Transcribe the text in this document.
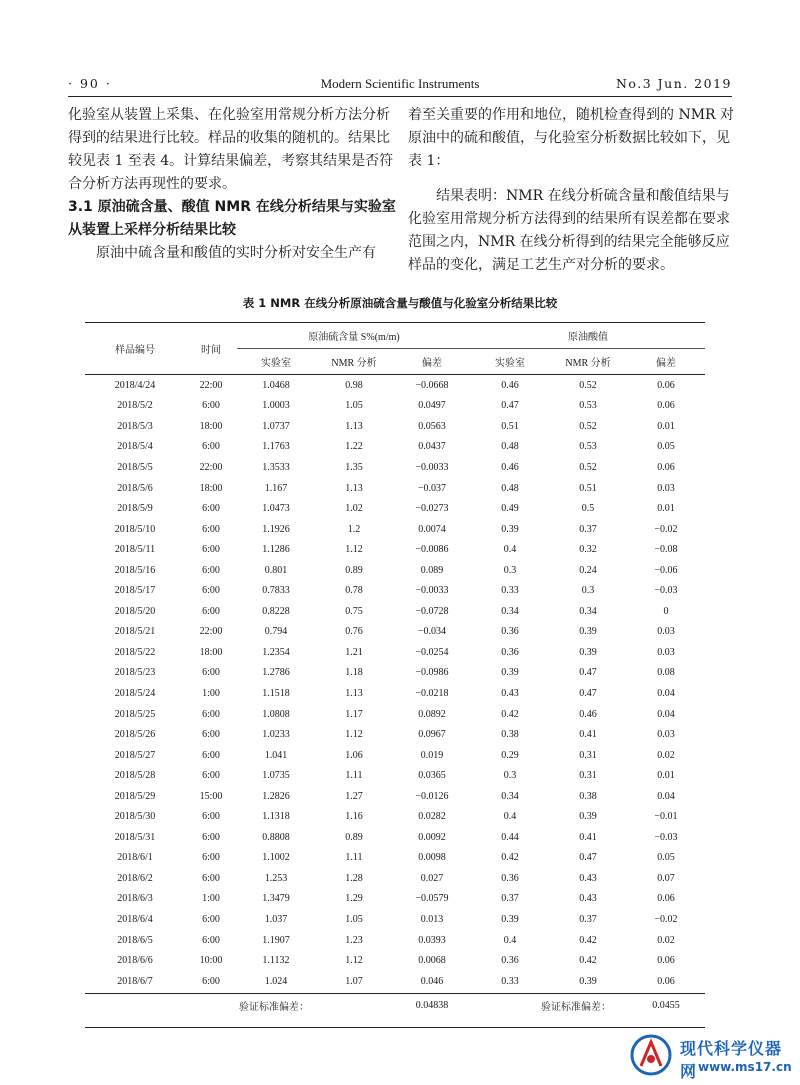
· 90 ·	Modern Scientific Instruments	No.3 Jun. 2019

化验室从装置上采集、在化验室用常规分析方法分析得到的结果进行比较。样品的收集的随机的。结果比较见表 1 至表 4。计算结果偏差，考察其结果是否符合分析方法再现性的要求。

3.1 原油硫含量、酸值 NMR 在线分析结果与实验室从装置上采样分析结果比较

原油中硫含量和酸值的实时分析对安全生产有

着至关重要的作用和地位，随机检查得到的 NMR 对原油中的硫和酸值，与化验室分析数据比较如下，见表 1：

结果表明：NMR 在线分析硫含量和酸值结果与化验室用常规分析方法得到的结果所有误差都在要求范围之内，NMR 在线分析得到的结果完全能够反应样品的变化，满足工艺生产对分析的要求。

表 1 NMR 在线分析原油硫含量与酸值与化验室分析结果比较
样品编号	时间	原油硫含量 S%(m/m)			原油酸值		
		实验室	NMR 分析	偏差	实验室	NMR 分析	偏差
2018/4/24	22:00	1.0468	0.98	−0.0668	0.46	0.52	0.06
2018/5/2	6:00	1.0003	1.05	0.0497	0.47	0.53	0.06
2018/5/3	18:00	1.0737	1.13	0.0563	0.51	0.52	0.01
2018/5/4	6:00	1.1763	1.22	0.0437	0.48	0.53	0.05
2018/5/5	22:00	1.3533	1.35	−0.0033	0.46	0.52	0.06
2018/5/6	18:00	1.167	1.13	−0.037	0.48	0.51	0.03
2018/5/9	6:00	1.0473	1.02	−0.0273	0.49	0.5	0.01
2018/5/10	6:00	1.1926	1.2	0.0074	0.39	0.37	−0.02
2018/5/11	6:00	1.1286	1.12	−0.0086	0.4	0.32	−0.08
2018/5/16	6:00	0.801	0.89	0.089	0.3	0.24	−0.06
2018/5/17	6:00	0.7833	0.78	−0.0033	0.33	0.3	−0.03
2018/5/20	6:00	0.8228	0.75	−0.0728	0.34	0.34	0
2018/5/21	22:00	0.794	0.76	−0.034	0.36	0.39	0.03
2018/5/22	18:00	1.2354	1.21	−0.0254	0.36	0.39	0.03
2018/5/23	6:00	1.2786	1.18	−0.0986	0.39	0.47	0.08
2018/5/24	1:00	1.1518	1.13	−0.0218	0.43	0.47	0.04
2018/5/25	6:00	1.0808	1.17	0.0892	0.42	0.46	0.04
2018/5/26	6:00	1.0233	1.12	0.0967	0.38	0.41	0.03
2018/5/27	6:00	1.041	1.06	0.019	0.29	0.31	0.02
2018/5/28	6:00	1.0735	1.11	0.0365	0.3	0.31	0.01
2018/5/29	15:00	1.2826	1.27	−0.0126	0.34	0.38	0.04
2018/5/30	6:00	1.1318	1.16	0.0282	0.4	0.39	−0.01
2018/5/31	6:00	0.8808	0.89	0.0092	0.44	0.41	−0.03
2018/6/1	6:00	1.1002	1.11	0.0098	0.42	0.47	0.05
2018/6/2	6:00	1.253	1.28	0.027	0.36	0.43	0.07
2018/6/3	1:00	1.3479	1.29	−0.0579	0.37	0.43	0.06
2018/6/4	6:00	1.037	1.05	0.013	0.39	0.37	−0.02
2018/6/5	6:00	1.1907	1.23	0.0393	0.4	0.42	0.02
2018/6/6	10:00	1.1132	1.12	0.0068	0.36	0.42	0.06
2018/6/7	6:00	1.024	1.07	0.046	0.33	0.39	0.06
验证标准偏差：				0.04838	验证标准偏差：		0.0455
现代科学仪器网 www.ms17.cn
